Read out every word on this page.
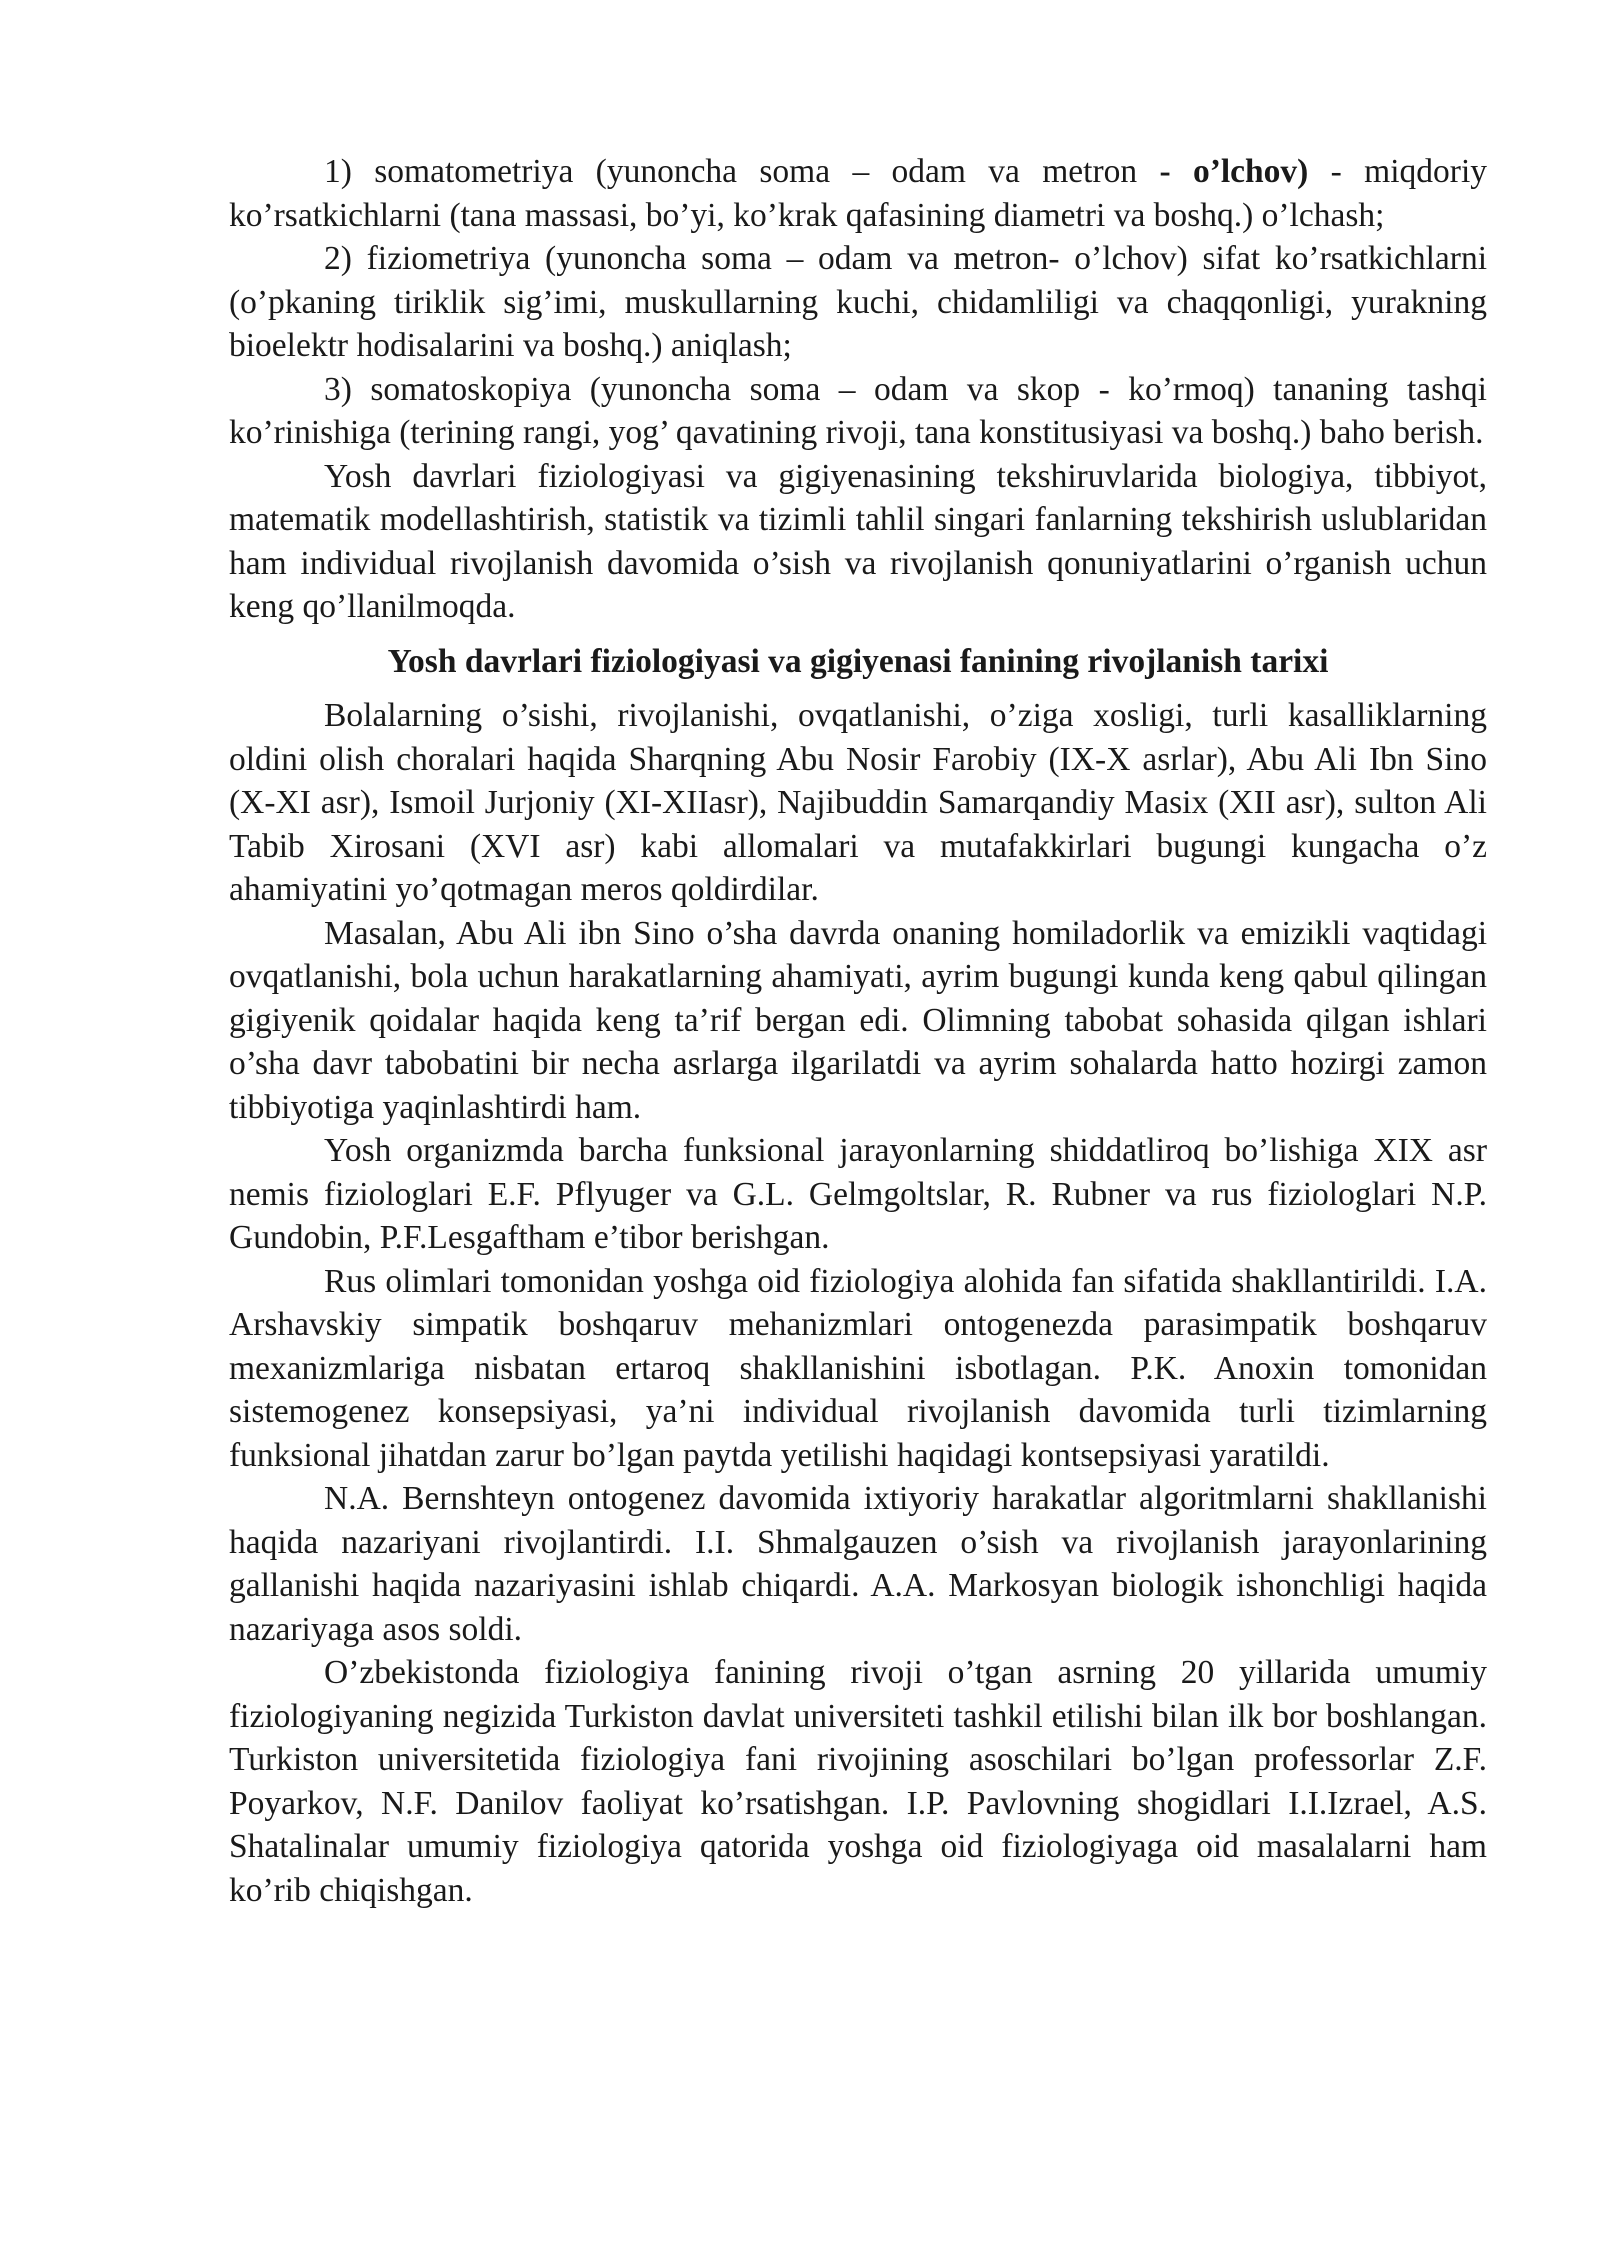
1) somatometriya (yunoncha soma – odam va metron - o’lchov) - miqdoriy ko’rsatkichlarni (tana massasi, bo’yi, ko’krak qafasining diametri va boshq.) o’lchash;

2) fiziometriya (yunoncha soma – odam va metron- o’lchov) sifat ko’rsatkichlarni (o’pkaning tiriklik sig’imi, muskullarning kuchi, chidamliligi va chaqqonligi, yurakning bioelektr hodisalarini va boshq.) aniqlash;

3) somatoskopiya (yunoncha soma – odam va skop - ko’rmoq) tananing tashqi ko’rinishiga (terining rangi, yog’ qavatining rivoji, tana konstitusiyasi va boshq.) baho berish.

Yosh davrlari fiziologiyasi va gigiyenasining tekshiruvlarida biologiya, tibbiyot, matematik modellashtirish, statistik va tizimli tahlil singari fanlarning tekshirish uslublaridan ham individual rivojlanish davomida o’sish va rivojlanish qonuniyatlarini o’rganish uchun keng qo’llanilmoqda.

Yosh davrlari fiziologiyasi va gigiyenasi fanining rivojlanish tarixi

Bolalarning o’sishi, rivojlanishi, ovqatlanishi, o’ziga xosligi, turli kasalliklarning oldini olish choralari haqida Sharqning Abu Nosir Farobiy (IX-X asrlar), Abu Ali Ibn Sino (X-XI asr), Ismoil Jurjoniy (XI-XIIasr), Najibuddin Samarqandiy Masix (XII asr), sulton Ali Tabib Xirosani (XVI asr) kabi allomalari va mutafakkirlari bugungi kungacha o’z ahamiyatini yo’qotmagan meros qoldirdilar.

Masalan, Abu Ali ibn Sino o’sha davrda onaning homiladorlik va emizikli vaqtidagi ovqatlanishi, bola uchun harakatlarning ahamiyati, ayrim bugungi kunda keng qabul qilingan gigiyenik qoidalar haqida keng ta’rif bergan edi. Olimning tabobat sohasida qilgan ishlari o’sha davr tabobatini bir necha asrlarga ilgarilatdi va ayrim sohalarda hatto hozirgi zamon tibbiyotiga yaqinlashtirdi ham.

Yosh organizmda barcha funksional jarayonlarning shiddatliroq bo’lishiga XIX asr nemis fiziologlari E.F. Pflyuger va G.L. Gelmgoltslar, R. Rubner va rus fiziologlari N.P. Gundobin, P.F.Lesgaftham e’tibor berishgan.

Rus olimlari tomonidan yoshga oid fiziologiya alohida fan sifatida shakllantirildi. I.A. Arshavskiy simpatik boshqaruv mehanizmlari ontogenezda parasimpatik boshqaruv mexanizmlariga nisbatan ertaroq shakllanishini isbotlagan. P.K. Anoxin tomonidan sistemogenez konsepsiyasi, ya’ni individual rivojlanish davomida turli tizimlarning funksional jihatdan zarur bo’lgan paytda yetilishi haqidagi kontsepsiyasi yaratildi.

N.A. Bernshteyn ontogenez davomida ixtiyoriy harakatlar algoritmlarni shakllanishi haqida nazariyani rivojlantirdi. I.I. Shmalgauzen o’sish va rivojlanish jarayonlarining gallanishi haqida nazariyasini ishlab chiqardi. A.A. Markosyan biologik ishonchligi haqida nazariyaga asos soldi.

O’zbekistonda fiziologiya fanining rivoji o’tgan asrning 20 yillarida umumiy fiziologiyaning negizida Turkiston davlat universiteti tashkil etilishi bilan ilk bor boshlangan. Turkiston universitetida fiziologiya fani rivojining asoschilari bo’lgan professorlar Z.F. Poyarkov, N.F. Danilov faoliyat ko’rsatishgan. I.P. Pavlovning shogidlari I.I.Izrael, A.S. Shatalinalar umumiy fiziologiya qatorida yoshga oid fiziologiyaga oid masalalarni ham ko’rib chiqishgan.
